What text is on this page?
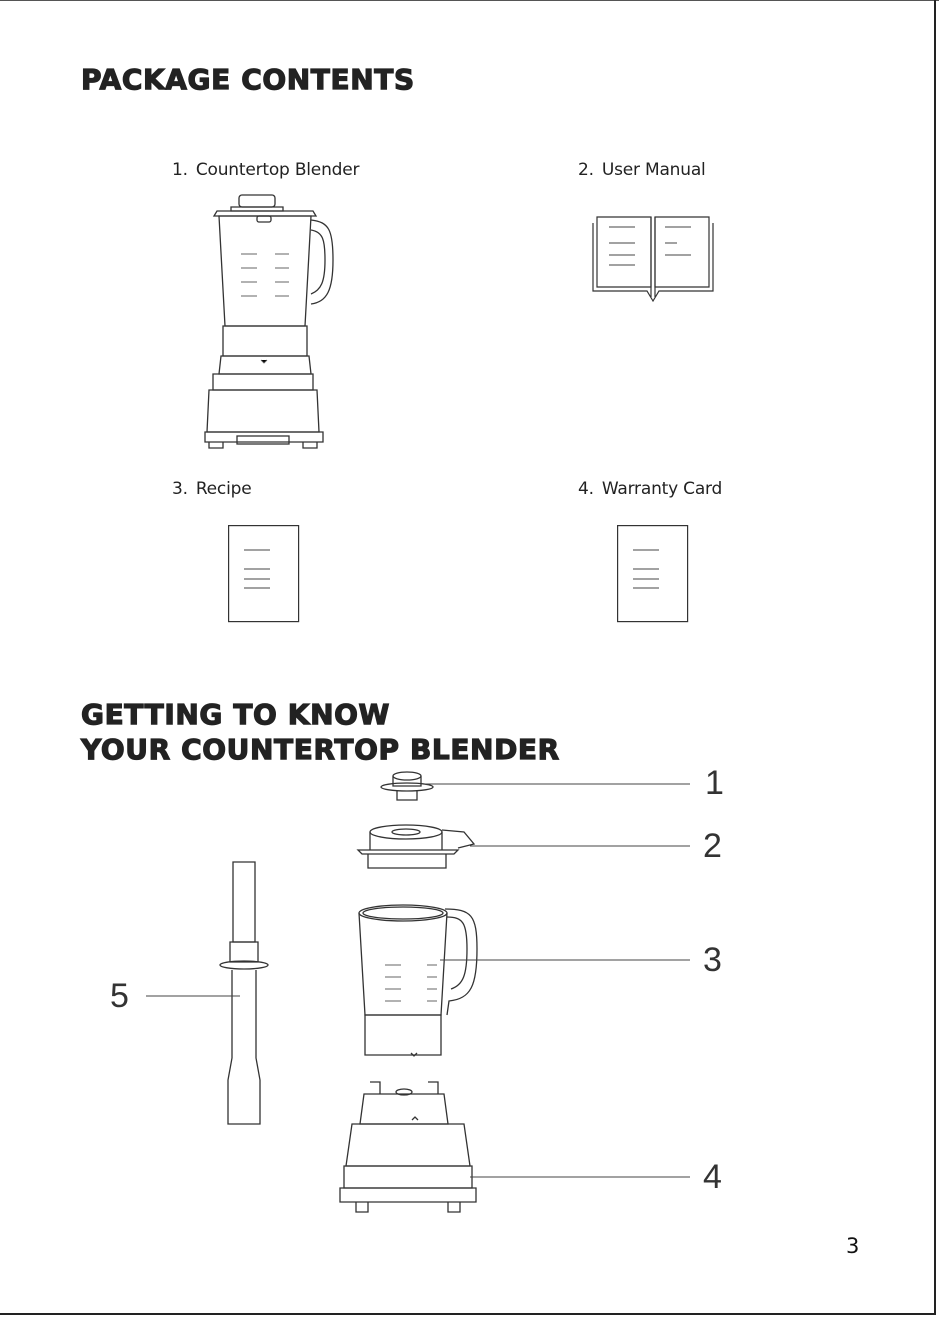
PACKAGE CONTENTS
1. Countertop Blender	2. User Manual
3. Recipe	4. Warranty Card
GETTING TO KNOW
YOUR COUNTERTOP BLENDER
1
2
3
4
5
3
